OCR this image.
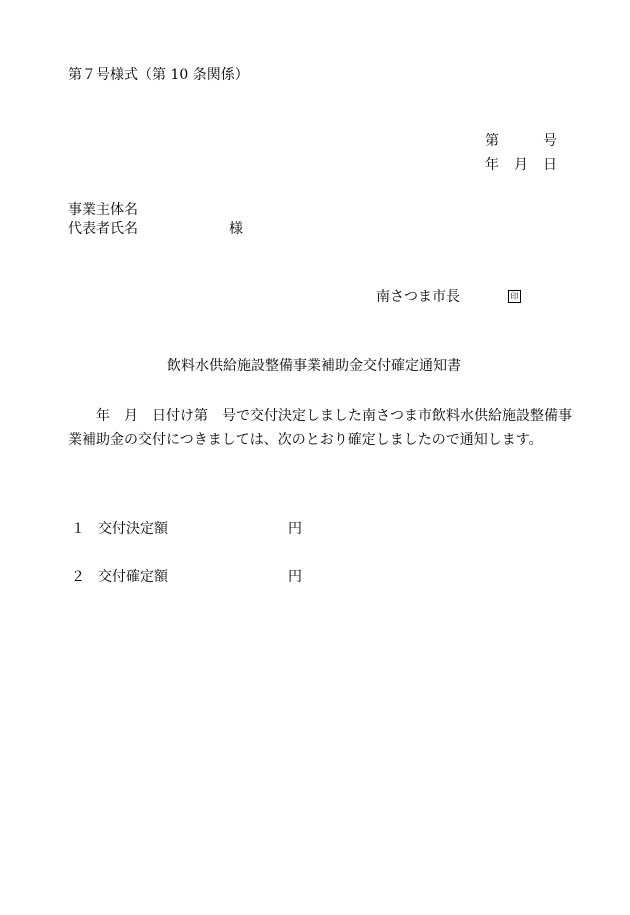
第７号様式（第 10 条関係）
第	号
年 月 日
事業主体名
代表者氏名	様
南さつま市長	印
飲料水供給施設整備事業補助金交付確定通知書
年　月　日付け第　号で交付決定しました南さつま市飲料水供給施設整備事業補助金の交付につきましては、次のとおり確定しましたので通知します。
１ 交付決定額	円
２ 交付確定額	円
